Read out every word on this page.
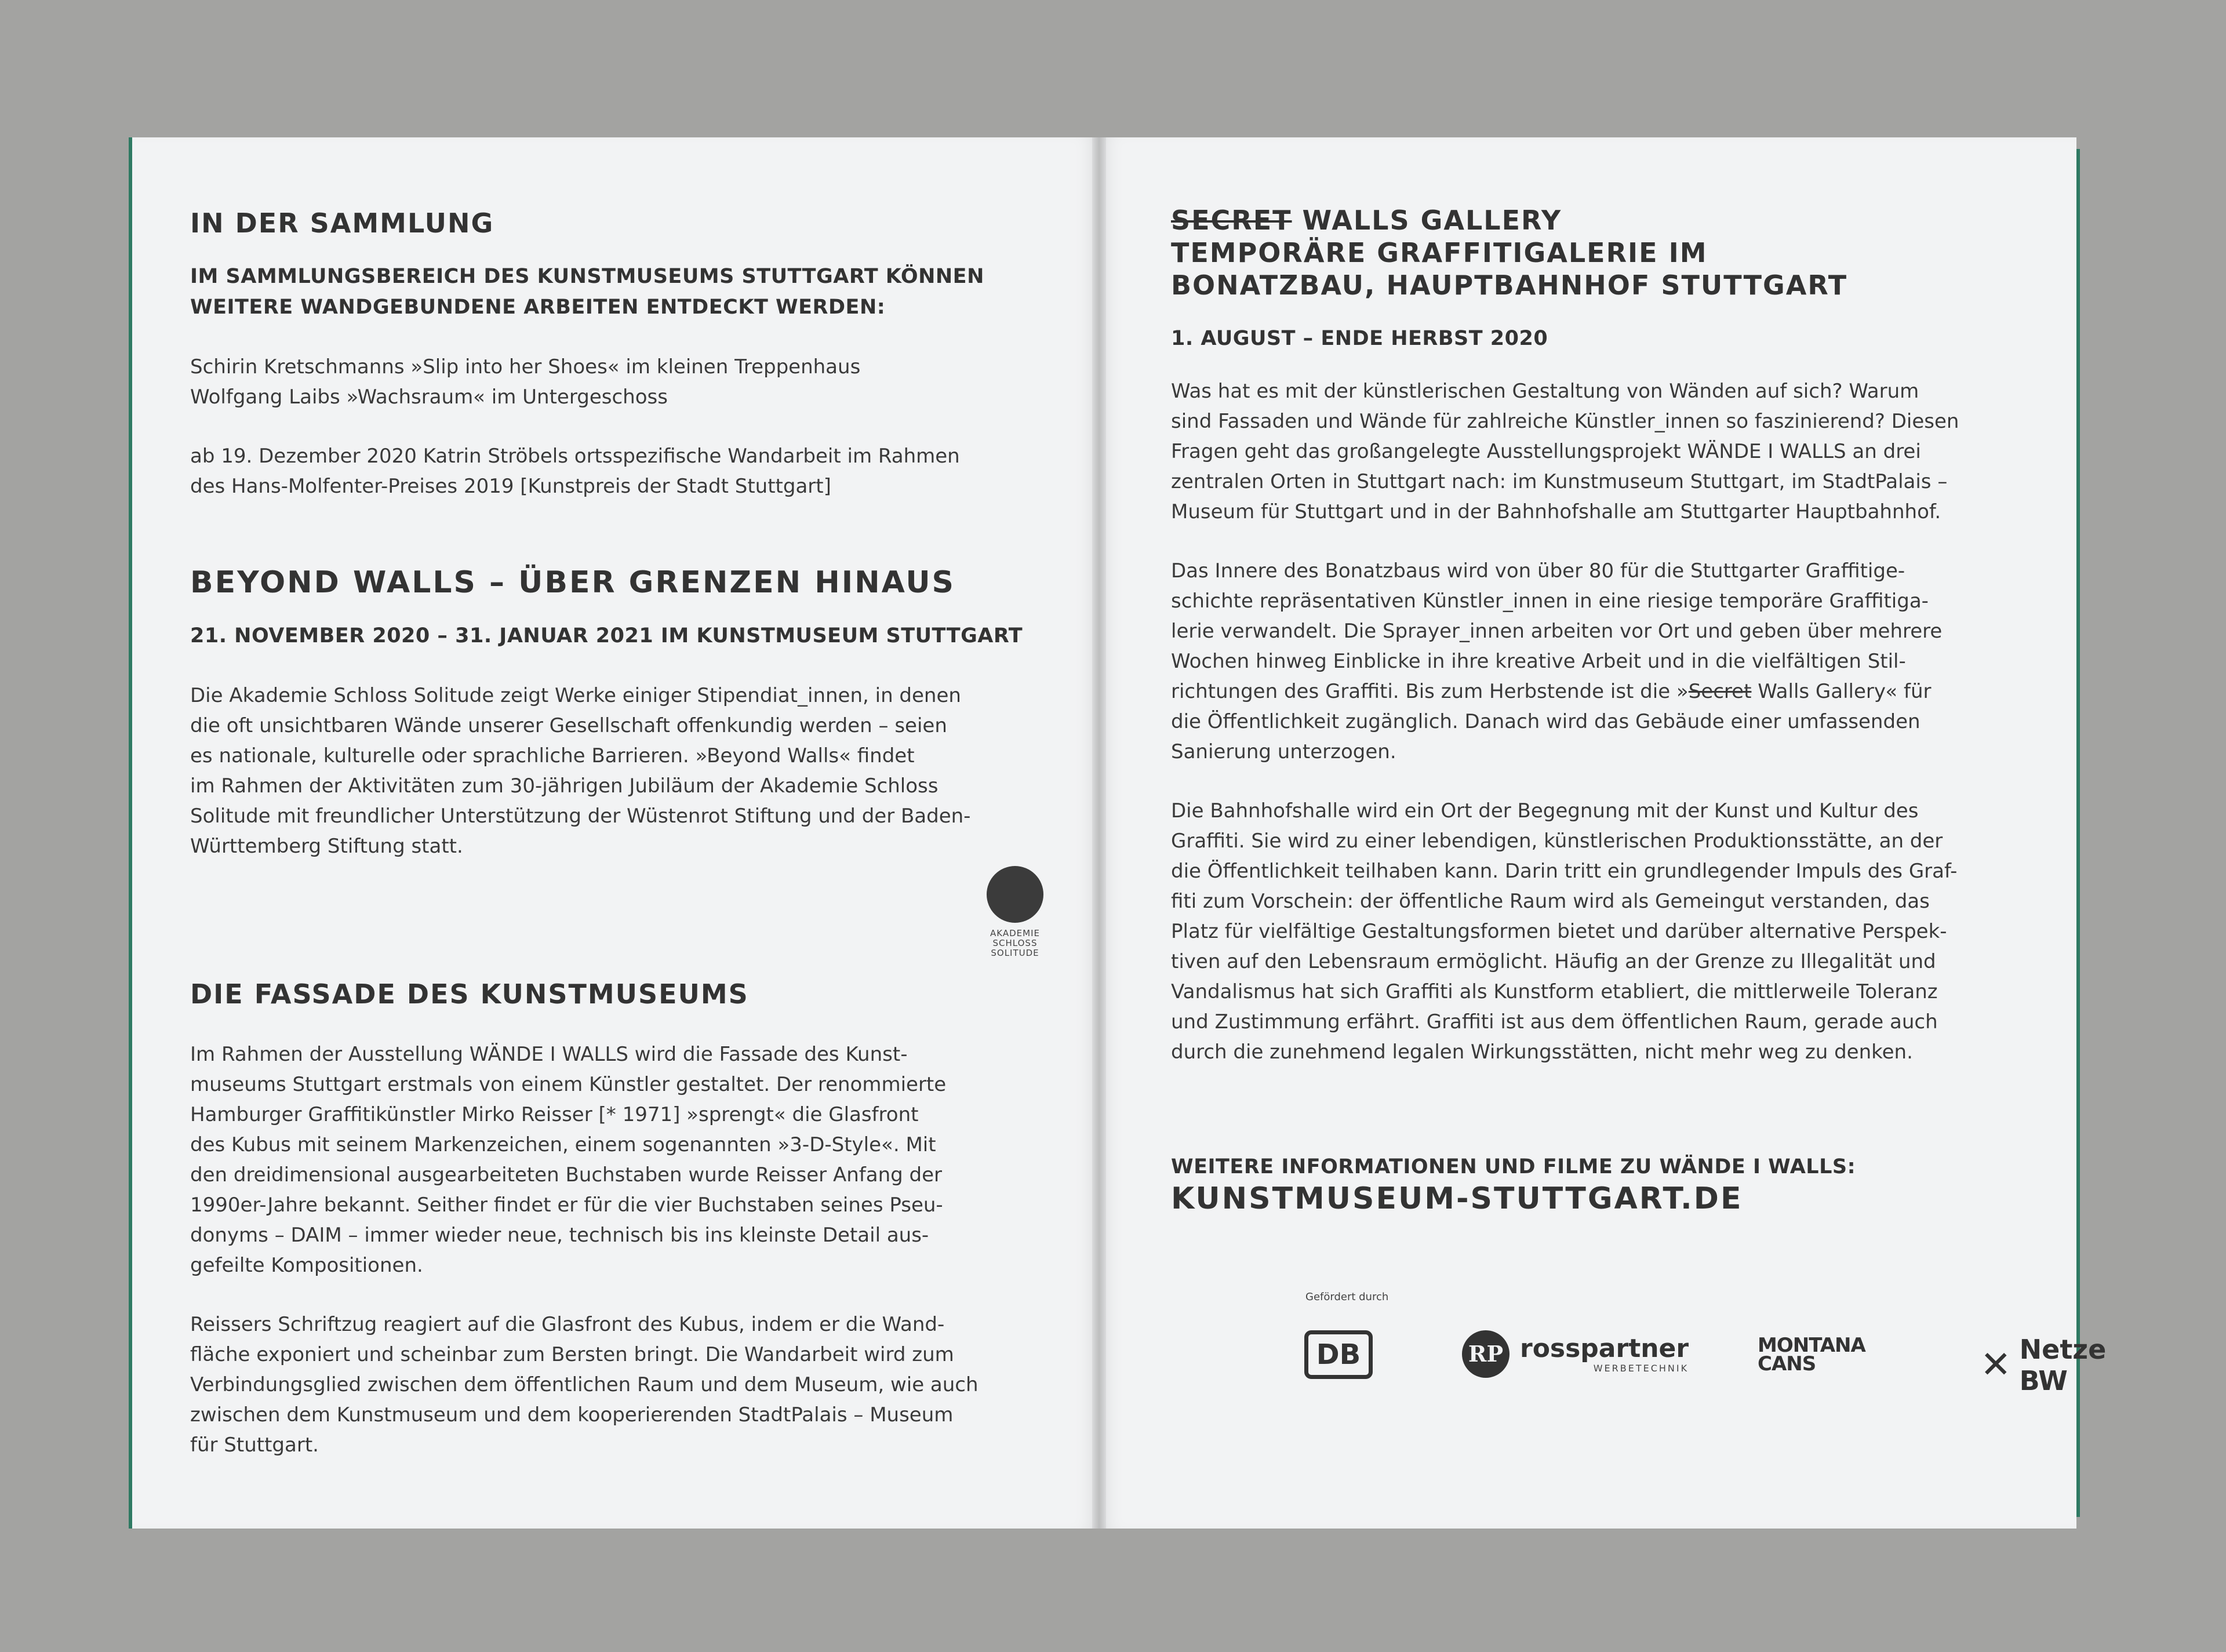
IN DER SAMMLUNG

IM SAMMLUNGSBEREICH DES KUNSTMUSEUMS STUTTGART KÖNNEN

WEITERE WANDGEBUNDENE ARBEITEN ENTDECKT WERDEN:

Schirin Kretschmanns »Slip into her Shoes« im kleinen Treppenhaus

Wolfgang Laibs »Wachsraum« im Untergeschoss

ab 19. Dezember 2020 Katrin Ströbels ortsspezifische Wandarbeit im Rahmen

des Hans-Molfenter-Preises 2019 [Kunstpreis der Stadt Stuttgart]

BEYOND WALLS – ÜBER GRENZEN HINAUS

21. NOVEMBER 2020 – 31. JANUAR 2021 IM KUNSTMUSEUM STUTTGART

Die Akademie Schloss Solitude zeigt Werke einiger Stipendiat_innen, in denen

die oft unsichtbaren Wände unserer Gesellschaft offenkundig werden – seien

es nationale, kulturelle oder sprachliche Barrieren. »Beyond Walls« findet

im Rahmen der Aktivitäten zum 30-jährigen Jubiläum der Akademie Schloss

Solitude mit freundlicher Unterstützung der Wüstenrot Stiftung und der Baden-

Württemberg Stiftung statt.

AKADEMIE
SCHLOSS
SOLITUDE

DIE FASSADE DES KUNSTMUSEUMS

Im Rahmen der Ausstellung WÄNDE I WALLS wird die Fassade des Kunst-

museums Stuttgart erstmals von einem Künstler gestaltet. Der renommierte

Hamburger Graffitikünstler Mirko Reisser [* 1971] »sprengt« die Glasfront

des Kubus mit seinem Markenzeichen, einem sogenannten »3-D-Style«. Mit

den dreidimensional ausgearbeiteten Buchstaben wurde Reisser Anfang der

1990er-Jahre bekannt. Seither findet er für die vier Buchstaben seines Pseu-

donyms – DAIM – immer wieder neue, technisch bis ins kleinste Detail aus-

gefeilte Kompositionen.

Reissers Schriftzug reagiert auf die Glasfront des Kubus, indem er die Wand-

fläche exponiert und scheinbar zum Bersten bringt. Die Wandarbeit wird zum

Verbindungsglied zwischen dem öffentlichen Raum und dem Museum, wie auch

zwischen dem Kunstmuseum und dem kooperierenden StadtPalais – Museum

für Stuttgart.

SECRET WALLS GALLERY

TEMPORÄRE GRAFFITIGALERIE IM

BONATZBAU, HAUPTBAHNHOF STUTTGART

1. AUGUST – ENDE HERBST 2020

Was hat es mit der künstlerischen Gestaltung von Wänden auf sich? Warum

sind Fassaden und Wände für zahlreiche Künstler_innen so faszinierend? Diesen

Fragen geht das großangelegte Ausstellungsprojekt WÄNDE I WALLS an drei

zentralen Orten in Stuttgart nach: im Kunstmuseum Stuttgart, im StadtPalais –

Museum für Stuttgart und in der Bahnhofshalle am Stuttgarter Hauptbahnhof.

Das Innere des Bonatzbaus wird von über 80 für die Stuttgarter Graffitige-

schichte repräsentativen Künstler_innen in eine riesige temporäre Graffitiga-

lerie verwandelt. Die Sprayer_innen arbeiten vor Ort und geben über mehrere

Wochen hinweg Einblicke in ihre kreative Arbeit und in die vielfältigen Stil-

richtungen des Graffiti. Bis zum Herbstende ist die »Secret Walls Gallery« für

die Öffentlichkeit zugänglich. Danach wird das Gebäude einer umfassenden

Sanierung unterzogen.

Die Bahnhofshalle wird ein Ort der Begegnung mit der Kunst und Kultur des

Graffiti. Sie wird zu einer lebendigen, künstlerischen Produktionsstätte, an der

die Öffentlichkeit teilhaben kann. Darin tritt ein grundlegender Impuls des Graf-

fiti zum Vorschein: der öffentliche Raum wird als Gemeingut verstanden, das

Platz für vielfältige Gestaltungsformen bietet und darüber alternative Perspek-

tiven auf den Lebensraum ermöglicht. Häufig an der Grenze zu Illegalität und

Vandalismus hat sich Graffiti als Kunstform etabliert, die mittlerweile Toleranz

und Zustimmung erfährt. Graffiti ist aus dem öffentlichen Raum, gerade auch

durch die zunehmend legalen Wirkungsstätten, nicht mehr weg zu denken.

WEITERE INFORMATIONEN UND FILME ZU WÄNDE I WALLS:

KUNSTMUSEUM-STUTTGART.DE

Gefördert durch
DB	RP rosspartner
WERBETECHNIK
MONTANA
CANS	✕ Netze BW
